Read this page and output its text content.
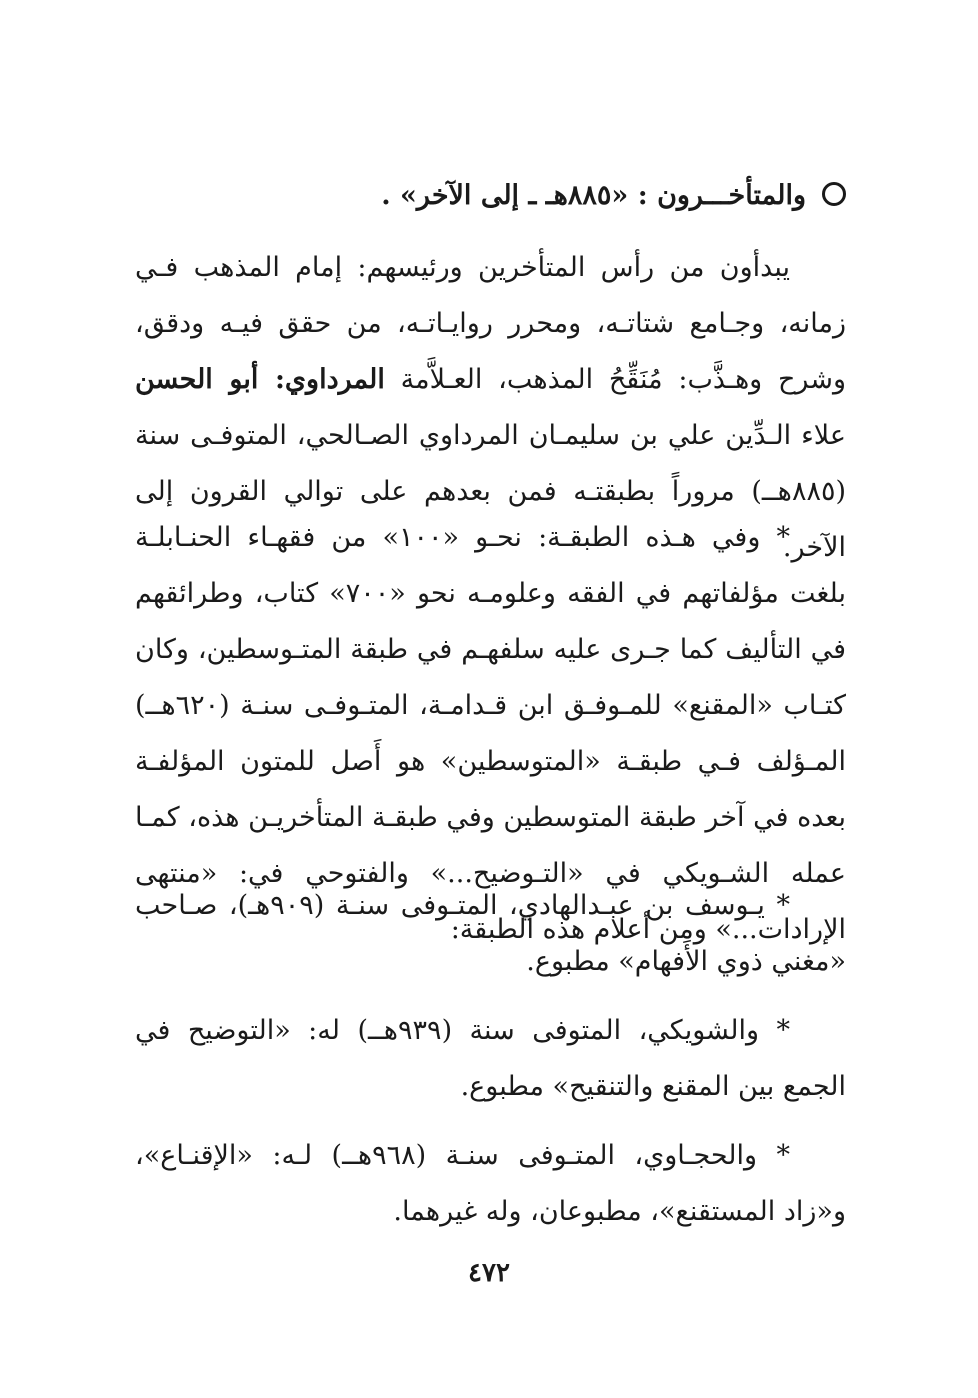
والمتأخـــرون : «٨٨٥هـ ـ إلى الآخر» .

يبدأون من رأس المتأخرين ورئيسهم: إمام المذهب فـي زمانه، وجـامع شتاتـه، ومحرر روايـاتـه، من حقق فيـه ودقق، وشرح وهـذَّب: مُنَقِّحُ المذهب، العـلاَّمة المرداوي: أبو الحسن علاء الـدِّين علي بن سليمـان المرداوي الصـالحي، المتوفـى سنة (٨٨٥هــ) مروراً بطبقتـه فمن بعدهم على توالي القرون إلى الآخر.

* وفي هـذه الطبقـة: نحـو «١٠٠» من فقهـاء الحنـابلـة بلغت مؤلفاتهم في الفقه وعلومـه نحو «٧٠٠» كتاب، وطرائقهم في التأليف كما جـرى عليه سلفهـم في طبقة المتـوسطين، وكان كتـاب «المقنع» للمـوفـق ابن قـدامـة، المتـوفـى سنـة (٦٢٠هــ) المـؤلف فـي طبقـة «المتوسطين» هو أَصل للمتون المؤلفـة بعده في آخر طبقة المتوسطين وفي طبقـة المتأخريـن هذه، كمـا عمله الشـويكي في «التـوضيح...» والفتوحي في: «منتهى الإرادات...» ومن أعلام هذه الطبقة:

* يـوسف بن عبـدالهادي، المتـوفى سنـة (٩٠٩هـ)، صـاحب «مغني ذوي الأَفهام» مطبوع.

* والشويكي، المتوفى سنة (٩٣٩هــ) له: «التوضيح في الجمع بين المقنع والتنقيح» مطبوع.

* والحجـاوي، المتـوفى سنـة (٩٦٨هــ) لـه: «الإقنـاع»، و«زاد المستقنع»، مطبوعان، وله غيرهما.

٤٧٢
